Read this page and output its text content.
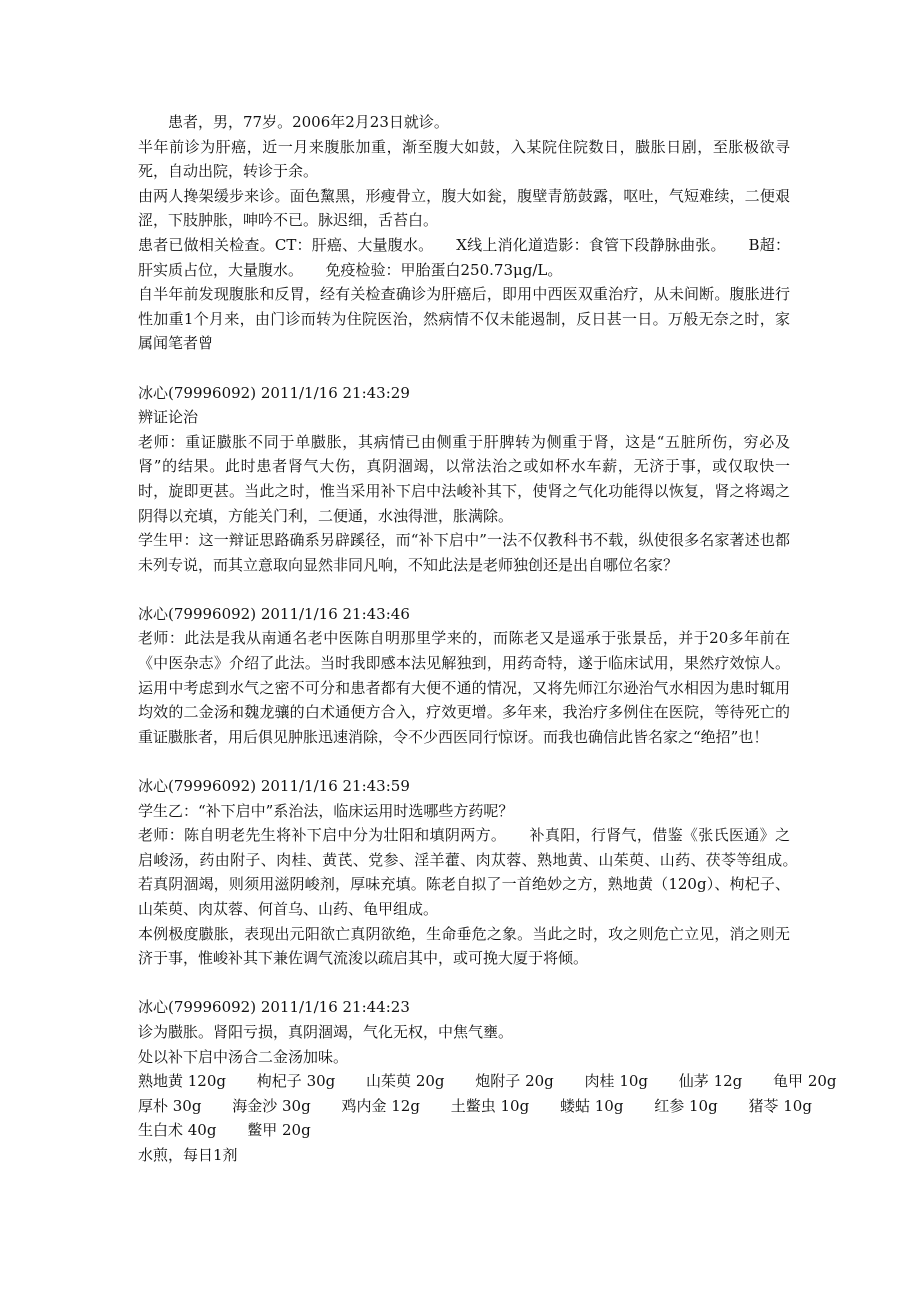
患者，男，77岁。2006年2月23日就诊。

半年前诊为肝癌，近一月来腹胀加重，渐至腹大如鼓，入某院住院数日，臌胀日剧，至胀极欲寻死，自动出院，转诊于余。

由两人搀架缓步来诊。面色黧黑，形瘦骨立，腹大如瓮，腹壁青筋鼓露，呕吐，气短难续，二便艰涩，下肢肿胀，呻吟不已。脉迟细，舌苔白。

患者已做相关检查。CT：肝癌、大量腹水。　　X线上消化道造影：食管下段静脉曲张。　　B超：肝实质占位，大量腹水。　　免疫检验：甲胎蛋白250.73μg/L。

自半年前发现腹胀和反胃，经有关检查确诊为肝癌后，即用中西医双重治疗，从未间断。腹胀进行性加重1个月来，由门诊而转为住院医治，然病情不仅未能遏制，反日甚一日。万般无奈之时，家属闻笔者曾

冰心(79996092) 2011/1/16 21:43:29

辨证论治

老师：重证臌胀不同于单臌胀，其病情已由侧重于肝脾转为侧重于肾，这是“五脏所伤，穷必及肾”的结果。此时患者肾气大伤，真阴涸竭，以常法治之或如杯水车薪，无济于事，或仅取快一时，旋即更甚。当此之时，惟当采用补下启中法峻补其下，使肾之气化功能得以恢复，肾之将竭之阴得以充填，方能关门利，二便通，水浊得泄，胀满除。

学生甲：这一辩证思路确系另辟蹊径，而“补下启中”一法不仅教科书不载，纵使很多名家著述也都未列专说，而其立意取向显然非同凡响，不知此法是老师独创还是出自哪位名家？

冰心(79996092) 2011/1/16 21:43:46

老师：此法是我从南通名老中医陈自明那里学来的，而陈老又是遥承于张景岳，并于20多年前在《中医杂志》介绍了此法。当时我即感本法见解独到，用药奇特，遂于临床试用，果然疗效惊人。运用中考虑到水气之密不可分和患者都有大便不通的情况，又将先师江尔逊治气水相因为患时辄用均效的二金汤和魏龙骧的白术通便方合入，疗效更增。多年来，我治疗多例住在医院，等待死亡的重证臌胀者，用后俱见肿胀迅速消除，令不少西医同行惊讶。而我也确信此皆名家之“绝招”也！

冰心(79996092) 2011/1/16 21:43:59

学生乙：“补下启中”系治法，临床运用时选哪些方药呢？

老师：陈自明老先生将补下启中分为壮阳和填阴两方。　　补真阳，行肾气，借鉴《张氏医通》之启峻汤，药由附子、肉桂、黄芪、党参、淫羊藿、肉苁蓉、熟地黄、山茱萸、山药、茯苓等组成。　　若真阴涸竭，则须用滋阴峻剂，厚味充填。陈老自拟了一首绝妙之方，熟地黄（120g）、枸杞子、山茱萸、肉苁蓉、何首乌、山药、龟甲组成。

本例极度臌胀，表现出元阳欲亡真阴欲绝，生命垂危之象。当此之时，攻之则危亡立见，消之则无济于事，惟峻补其下兼佐调气流浚以疏启其中，或可挽大厦于将倾。

冰心(79996092) 2011/1/16 21:44:23

诊为臌胀。肾阳亏损，真阴涸竭，气化无权，中焦气壅。

处以补下启中汤合二金汤加味。

熟地黄 120g 枸杞子 30g 山茱萸 20g 炮附子 20g 肉桂 10g 仙茅 12g 龟甲 20g

厚朴 30g 海金沙 30g 鸡内金 12g 土鳖虫 10g 蝼蛄 10g 红参 10g 猪苓 10g

生白术 40g 鳖甲 20g

水煎，每日1剂
